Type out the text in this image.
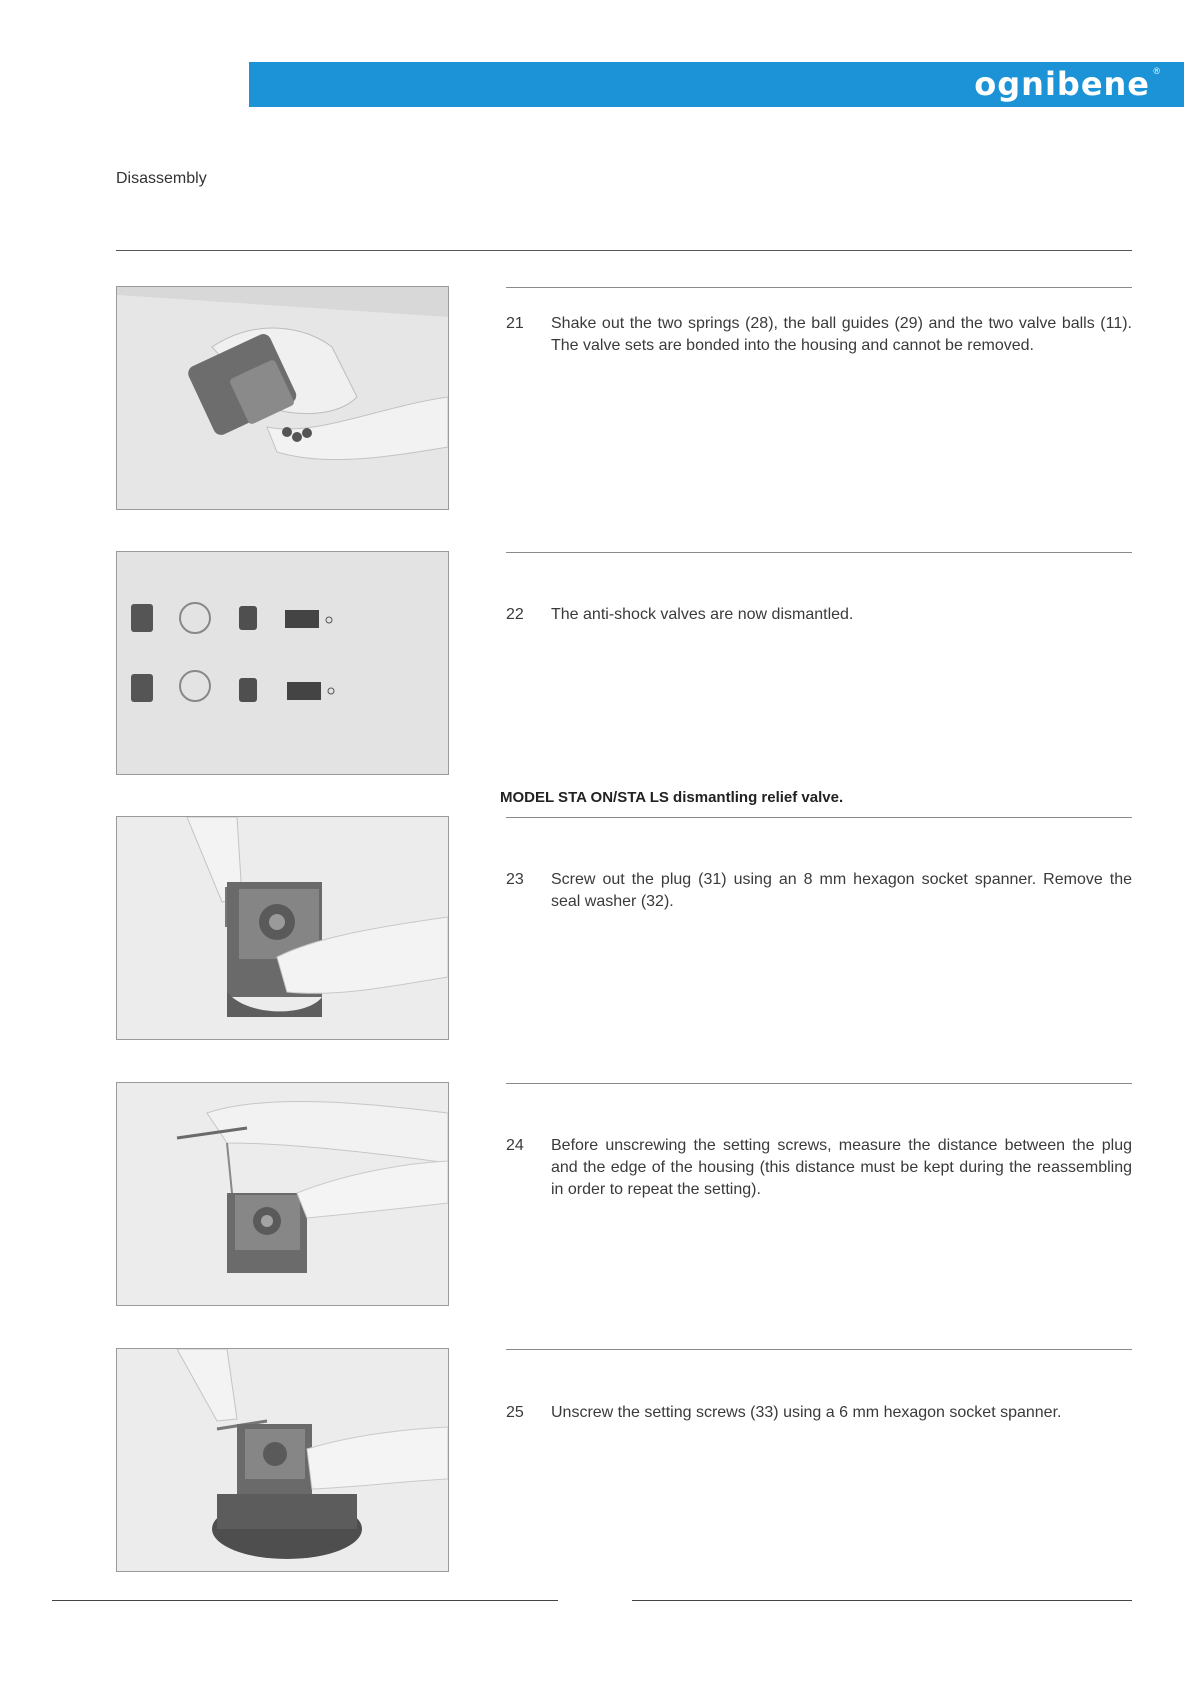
ognibene ®
Disassembly
21 Shake out the two springs (28), the ball guides (29) and the two valve balls (11). The valve sets are bonded into the housing and cannot be removed.
22 The anti-shock valves are now dismantled.
MODEL STA ON/STA LS dismantling relief valve.
23 Screw out the plug (31) using an 8 mm hexagon socket spanner. Remove the seal washer (32).
24 Before unscrewing the setting screws, measure the distance between the plug and the edge of the housing (this distance must be kept during the reassembling in order to repeat the setting).
25 Unscrew the setting screws (33) using a 6 mm hexagon socket spanner.
